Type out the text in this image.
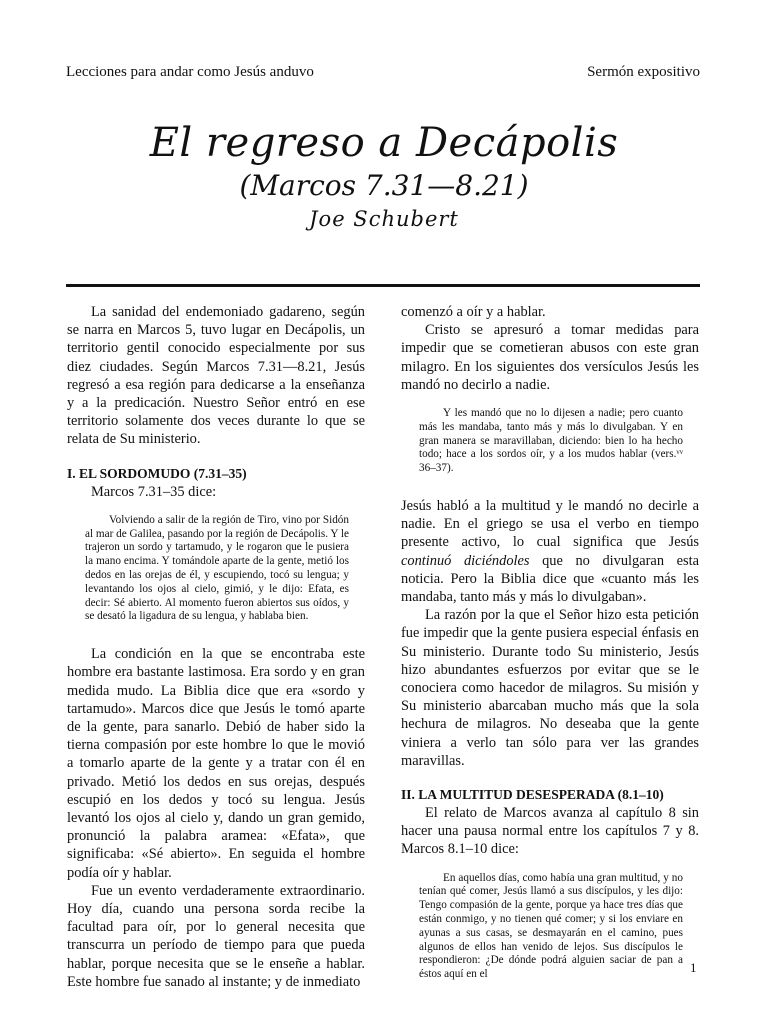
Lecciones para andar como Jesús anduvo	Sermón expositivo
El regreso a Decápolis
(Marcos 7.31—8.21)
Joe Schubert

La sanidad del endemoniado gadareno, según se narra en Marcos 5, tuvo lugar en Decápolis, un territorio gentil conocido especialmente por sus diez ciudades. Según Marcos 7.31—8.21, Jesús regresó a esa región para dedicarse a la enseñanza y a la predicación. Nuestro Señor entró en ese territorio solamente dos veces durante lo que se relata de Su ministerio.

I. EL SORDOMUDO (7.31–35)

Marcos 7.31–35 dice:

Volviendo a salir de la región de Tiro, vino por Sidón al mar de Galilea, pasando por la región de Decápolis. Y le trajeron un sordo y tartamudo, y le rogaron que le pusiera la mano encima. Y tomándole aparte de la gente, metió los dedos en las orejas de él, y escupiendo, tocó su lengua; y levantando los ojos al cielo, gimió, y le dijo: Efata, es decir: Sé abierto. Al momento fueron abiertos sus oídos, y se desató la ligadura de su lengua, y hablaba bien.

La condición en la que se encontraba este hombre era bastante lastimosa. Era sordo y en gran medida mudo. La Biblia dice que era «sordo y tartamudo». Marcos dice que Jesús le tomó aparte de la gente, para sanarlo. Debió de haber sido la tierna compasión por este hombre lo que le movió a tomarlo aparte de la gente y a tratar con él en privado. Metió los dedos en sus orejas, después escupió en los dedos y tocó su lengua. Jesús levantó los ojos al cielo y, dando un gran gemido, pronunció la palabra aramea: «Efata», que significaba: «Sé abierto». En seguida el hombre podía oír y hablar.

Fue un evento verdaderamente extraordinario. Hoy día, cuando una persona sorda recibe la facultad para oír, por lo general necesita que transcurra un período de tiempo para que pueda hablar, porque necesita que se le enseñe a hablar. Este hombre fue sanado al instante; y de inmediato

comenzó a oír y a hablar.

Cristo se apresuró a tomar medidas para impedir que se cometieran abusos con este gran milagro. En los siguientes dos versículos Jesús les mandó no decirlo a nadie.

Y les mandó que no lo dijesen a nadie; pero cuanto más les mandaba, tanto más y más lo divulgaban. Y en gran manera se maravillaban, diciendo: bien lo ha hecho todo; hace a los sordos oír, y a los mudos hablar (vers.ᵛᵛ 36–37).

Jesús habló a la multitud y le mandó no decirle a nadie. En el griego se usa el verbo en tiempo presente activo, lo cual significa que Jesús continuó diciéndoles que no divulgaran esta noticia. Pero la Biblia dice que «cuanto más les mandaba, tanto más y más lo divulgaban».

La razón por la que el Señor hizo esta petición fue impedir que la gente pusiera especial énfasis en Su ministerio. Durante todo Su ministerio, Jesús hizo abundantes esfuerzos por evitar que se le conociera como hacedor de milagros. Su misión y Su ministerio abarcaban mucho más que la sola hechura de milagros. No deseaba que la gente viniera a verlo tan sólo para ver las grandes maravillas.

II. LA MULTITUD DESESPERADA (8.1–10)

El relato de Marcos avanza al capítulo 8 sin hacer una pausa normal entre los capítulos 7 y 8. Marcos 8.1–10 dice:

En aquellos días, como había una gran multitud, y no tenían qué comer, Jesús llamó a sus discípulos, y les dijo: Tengo compasión de la gente, porque ya hace tres días que están conmigo, y no tienen qué comer; y si los enviare en ayunas a sus casas, se desmayarán en el camino, pues algunos de ellos han venido de lejos. Sus discípulos le respondieron: ¿De dónde podrá alguien saciar de pan a éstos aquí en el	1
